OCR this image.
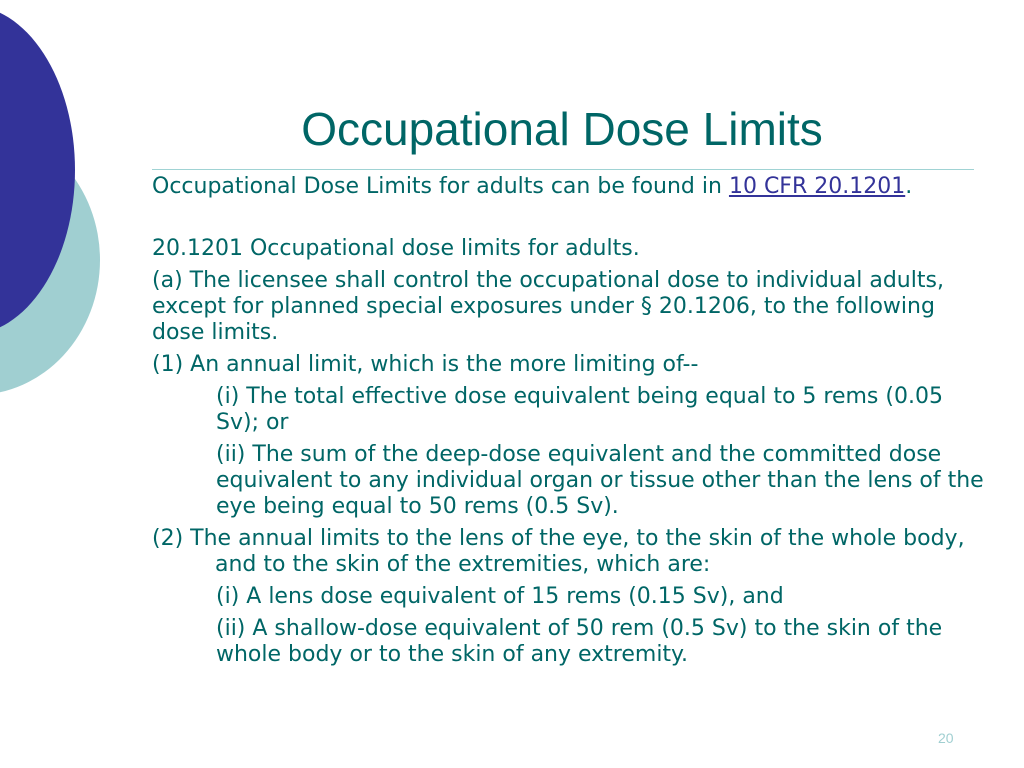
Occupational Dose Limits

Occupational Dose Limits for adults can be found in 10 CFR 20.1201.

20.1201 Occupational dose limits for adults.

(a) The licensee shall control the occupational dose to individual adults, except for planned special exposures under § 20.1206, to the following dose limits.

(1) An annual limit, which is the more limiting of--

(i) The total effective dose equivalent being equal to 5 rems (0.05 Sv); or

(ii) The sum of the deep-dose equivalent and the committed dose equivalent to any individual organ or tissue other than the lens of the eye being equal to 50 rems (0.5 Sv).

(2) The annual limits to the lens of the eye, to the skin of the whole body, and to the skin of the extremities, which are:

(i) A lens dose equivalent of 15 rems (0.15 Sv), and

(ii) A shallow-dose equivalent of 50 rem (0.5 Sv) to the skin of the whole body or to the skin of any extremity.

20
